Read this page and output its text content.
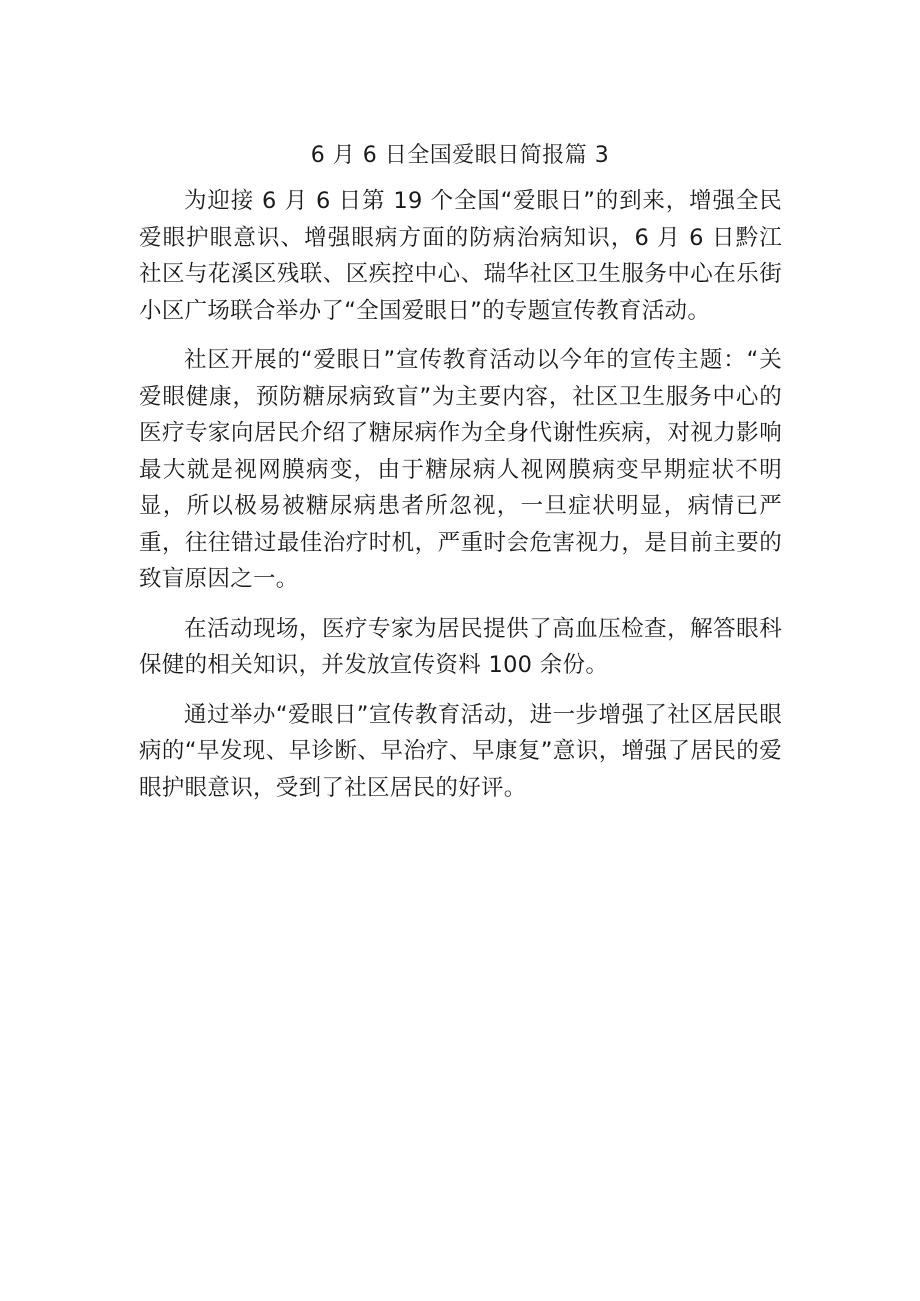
6 月 6 日全国爱眼日简报篇 3

为迎接 6 月 6 日第 19 个全国“爱眼日”的到来，增强全民爱眼护眼意识、增强眼病方面的防病治病知识，6 月 6 日黔江社区与花溪区残联、区疾控中心、瑞华社区卫生服务中心在乐街小区广场联合举办了“全国爱眼日”的专题宣传教育活动。

社区开展的“爱眼日”宣传教育活动以今年的宣传主题：“关爱眼健康，预防糖尿病致盲”为主要内容，社区卫生服务中心的医疗专家向居民介绍了糖尿病作为全身代谢性疾病，对视力影响最大就是视网膜病变，由于糖尿病人视网膜病变早期症状不明显，所以极易被糖尿病患者所忽视，一旦症状明显，病情已严重，往往错过最佳治疗时机，严重时会危害视力，是目前主要的致盲原因之一。

在活动现场，医疗专家为居民提供了高血压检查，解答眼科保健的相关知识，并发放宣传资料 100 余份。

通过举办“爱眼日”宣传教育活动，进一步增强了社区居民眼病的“早发现、早诊断、早治疗、早康复”意识，增强了居民的爱眼护眼意识，受到了社区居民的好评。
